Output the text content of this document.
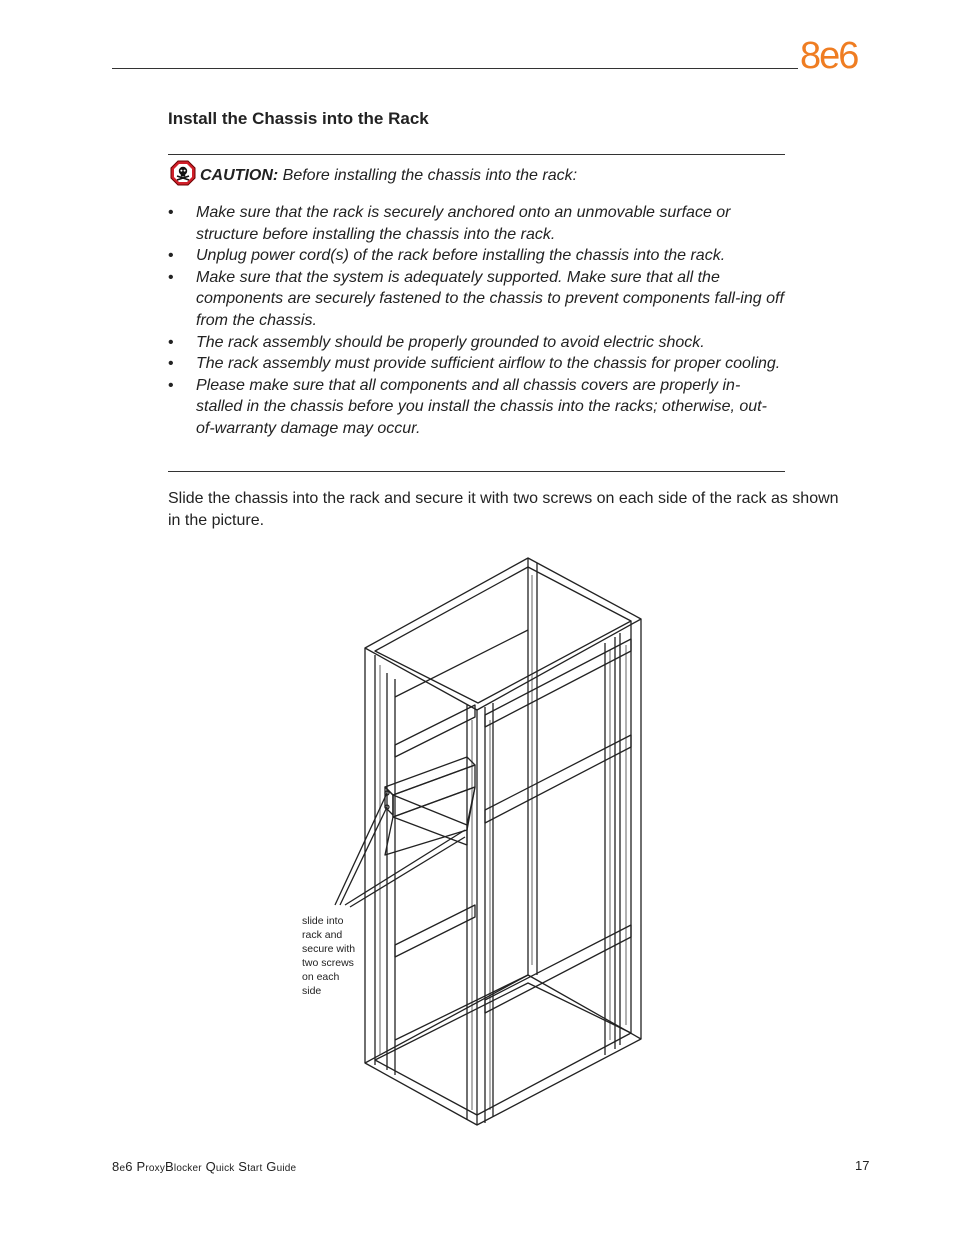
8e6
Install the Chassis into the Rack
CAUTION: Before installing the chassis into the rack:
• Make sure that the rack is securely anchored onto an unmovable surface or structure before installing the chassis into the rack.
• Unplug power cord(s) of the rack before installing the chassis into the rack.
• Make sure that the system is adequately supported. Make sure that all the components are securely fastened to the chassis to prevent components fall-ing off from the chassis.
• The rack assembly should be properly grounded to avoid electric shock.
• The rack assembly must provide sufficient airflow to the chassis for proper cooling.
• Please make sure that all components and all chassis covers are properly in-stalled in the chassis before you install the chassis into the racks; otherwise, out-of-warranty damage may occur.
Slide the chassis into the rack and secure it with two screws on each side of the rack as shown in the picture.
slide into
rack and
secure with
two screws
on each
side
8e6 ProxyBlocker Quick Start Guide	17
